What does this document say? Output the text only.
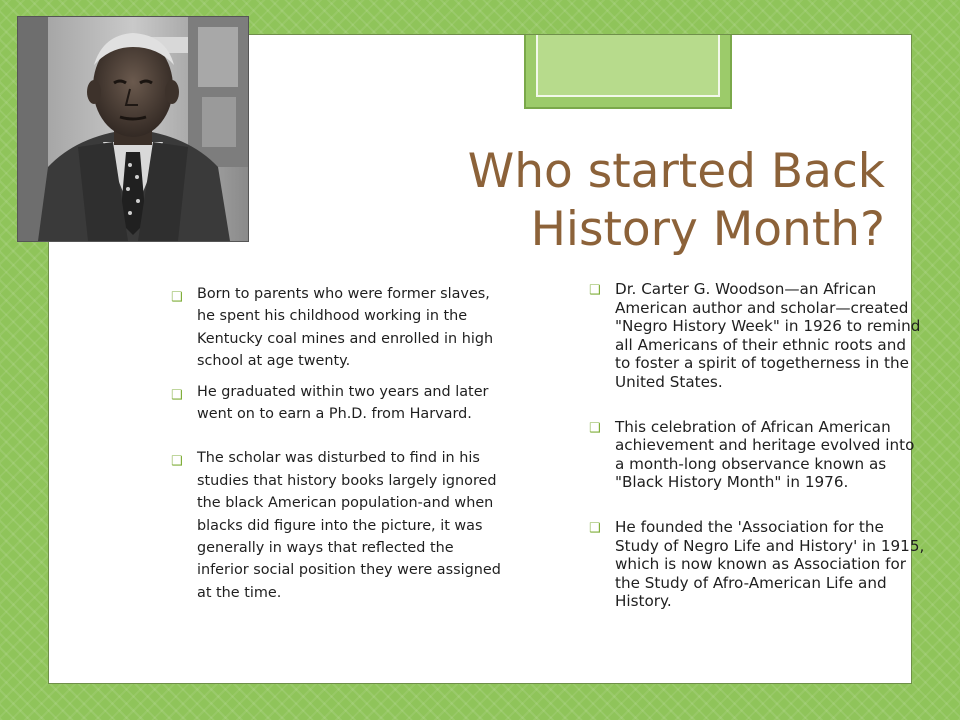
Who started Back History Month?
❑ Born to parents who were former slaves, he spent his childhood working in the Kentucky coal mines and enrolled in high school at age twenty.
❑ He graduated within two years and later went on to earn a Ph.D. from Harvard.
❑ The scholar was disturbed to find in his studies that history books largely ignored the black American population-and when blacks did figure into the picture, it was generally in ways that reflected the inferior social position they were assigned at the time.
❑ Dr. Carter G. Woodson—an African American author and scholar—created "Negro History Week" in 1926 to remind all Americans of their ethnic roots and to foster a spirit of togetherness in the United States.
❑ This celebration of African American achievement and heritage evolved into a month-long observance known as "Black History Month" in 1976.
❑ He founded the 'Association for the Study of Negro Life and History' in 1915, which is now known as Association for the Study of Afro-American Life and History.
